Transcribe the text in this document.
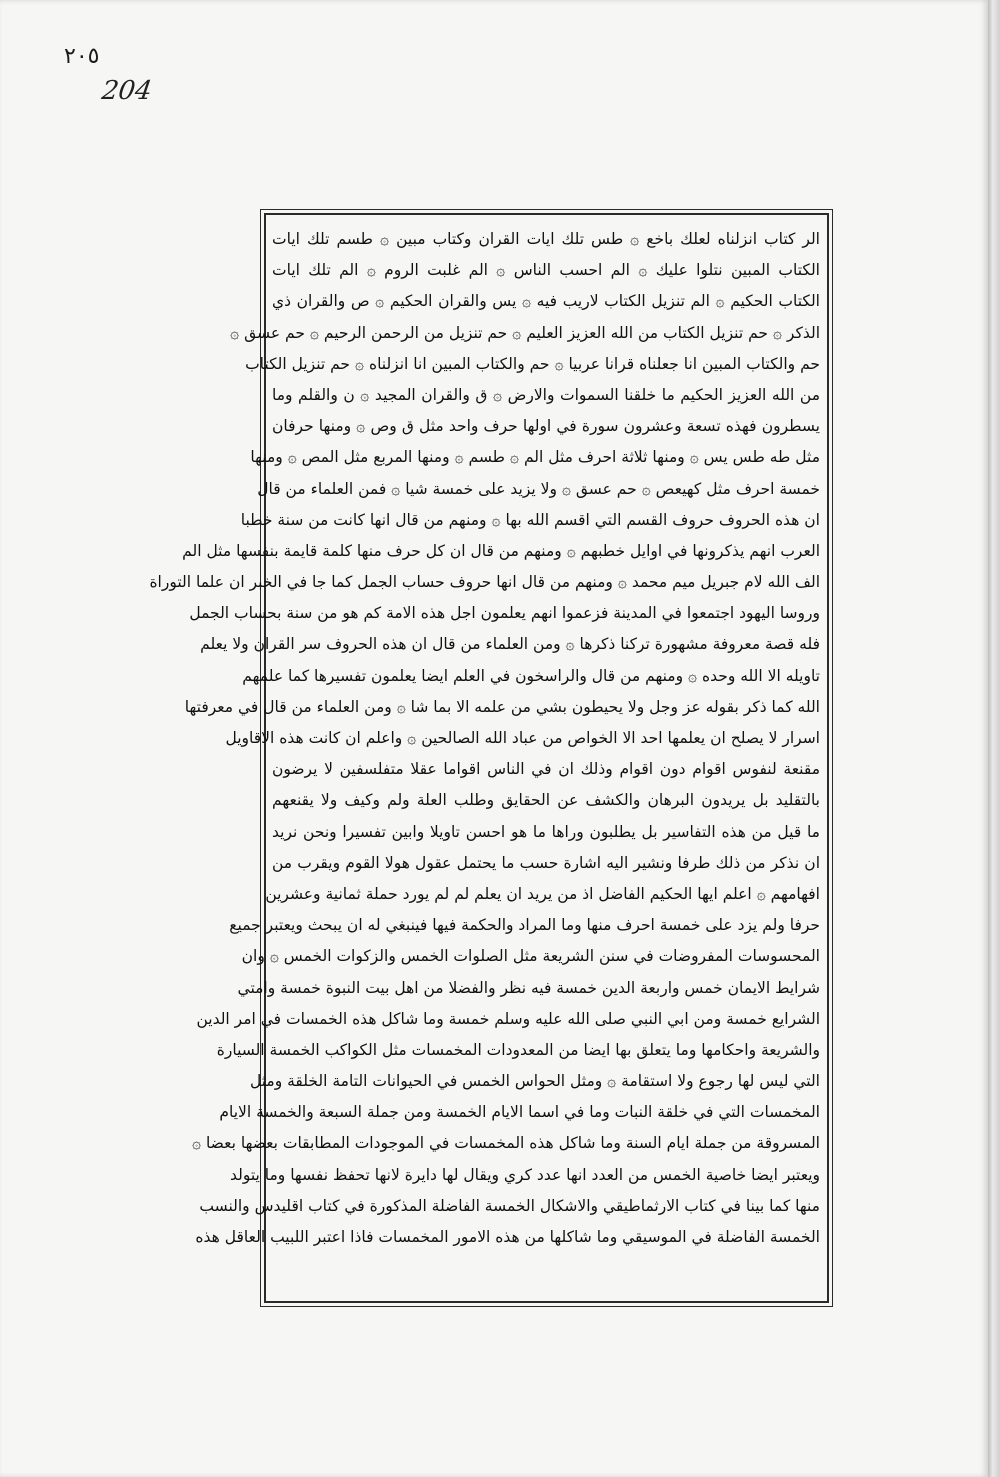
٢٠٥
204
الر كتاب انزلناه لعلك باخع ۞ طس تلك ايات القران وكتاب مبين ۞ طسم تلك ايات
الكتاب المبين نتلوا عليك ۞ الم احسب الناس ۞ الم غلبت الروم ۞ الم تلك ايات
الكتاب الحكيم ۞ الم تنزيل الكتاب لاريب فيه ۞ يس والقران الحكيم ۞ ص والقران ذي
الذكر ۞ حم تنزيل الكتاب من الله العزيز العليم ۞ حم تنزيل من الرحمن الرحيم ۞ حم عسق ۞
حم والكتاب المبين انا جعلناه قرانا عربيا ۞ حم والكتاب المبين انا انزلناه ۞ حم تنزيل الكتاب
من الله العزيز الحكيم ما خلقنا السموات والارض ۞ ق والقران المجيد ۞ ن والقلم وما
يسطرون فهذه تسعة وعشرون سورة في اولها حرف واحد مثل ق وص ۞ ومنها حرفان
مثل طه طس يس ۞ ومنها ثلاثة احرف مثل الم ۞ طسم ۞ ومنها المربع مثل المص ۞ ومنها
خمسة احرف مثل كهيعص ۞ حم عسق ۞ ولا يزيد على خمسة شيا ۞ فمن العلماء من قال
ان هذه الحروف حروف القسم التي اقسم الله بها ۞ ومنهم من قال انها كانت من سنة خطبا
العرب انهم يذكرونها في اوايل خطبهم ۞ ومنهم من قال ان كل حرف منها كلمة قايمة بنفسها مثل الم
الف الله لام جبريل ميم محمد ۞ ومنهم من قال انها حروف حساب الجمل كما جا في الخبر ان علما التوراة
وروسا اليهود اجتمعوا في المدينة فزعموا انهم يعلمون اجل هذه الامة كم هو من سنة بحساب الجمل
فله قصة معروفة مشهورة تركنا ذكرها ۞ ومن العلماء من قال ان هذه الحروف سر القران ولا يعلم
تاويله الا الله وحده ۞ ومنهم من قال والراسخون في العلم ايضا يعلمون تفسيرها كما علمهم
الله كما ذكر بقوله عز وجل ولا يحيطون بشي من علمه الا بما شا ۞ ومن العلماء من قال في معرفتها
اسرار لا يصلح ان يعلمها احد الا الخواص من عباد الله الصالحين ۞ واعلم ان كانت هذه الاقاويل
مقنعة لنفوس اقوام دون اقوام وذلك ان في الناس اقواما عقلا متفلسفين لا يرضون
بالتقليد بل يريدون البرهان والكشف عن الحقايق وطلب العلة ولم وكيف ولا يقنعهم
ما قيل من هذه التفاسير بل يطلبون وراها ما هو احسن تاويلا وابين تفسيرا ونحن نريد
ان نذكر من ذلك طرفا ونشير اليه اشارة حسب ما يحتمل عقول هولا القوم ويقرب من
افهامهم ۞ اعلم ايها الحكيم الفاضل اذ من يريد ان يعلم لم لم يورد حملة ثمانية وعشرين
حرفا ولم يزد على خمسة احرف منها وما المراد والحكمة فيها فينبغي له ان يبحث ويعتبر جميع
المحسوسات المفروضات في سنن الشريعة مثل الصلوات الخمس والزكوات الخمس ۞ وان
شرايط الايمان خمس واربعة الدين خمسة فيه نظر والفضلا من اهل بيت النبوة خمسة وامتي
الشرايع خمسة ومن ابي النبي صلى الله عليه وسلم خمسة وما شاكل هذه الخمسات في امر الدين
والشريعة واحكامها وما يتعلق بها ايضا من المعدودات المخمسات مثل الكواكب الخمسة السيارة
التي ليس لها رجوع ولا استقامة ۞ ومثل الحواس الخمس في الحيوانات التامة الخلقة ومثل
المخمسات التي في خلقة النبات وما في اسما الايام الخمسة ومن جملة السبعة والخمسة الايام
المسروقة من جملة ايام السنة وما شاكل هذه المخمسات في الموجودات المطابقات بعضها بعضا ۞
ويعتبر ايضا خاصية الخمس من العدد انها عدد كري ويقال لها دايرة لانها تحفظ نفسها وما يتولد
منها كما بينا في كتاب الارثماطيقي والاشكال الخمسة الفاضلة المذكورة في كتاب اقليدس والنسب
الخمسة الفاضلة في الموسيقي وما شاكلها من هذه الامور المخمسات فاذا اعتبر اللبيب العاقل هذه
